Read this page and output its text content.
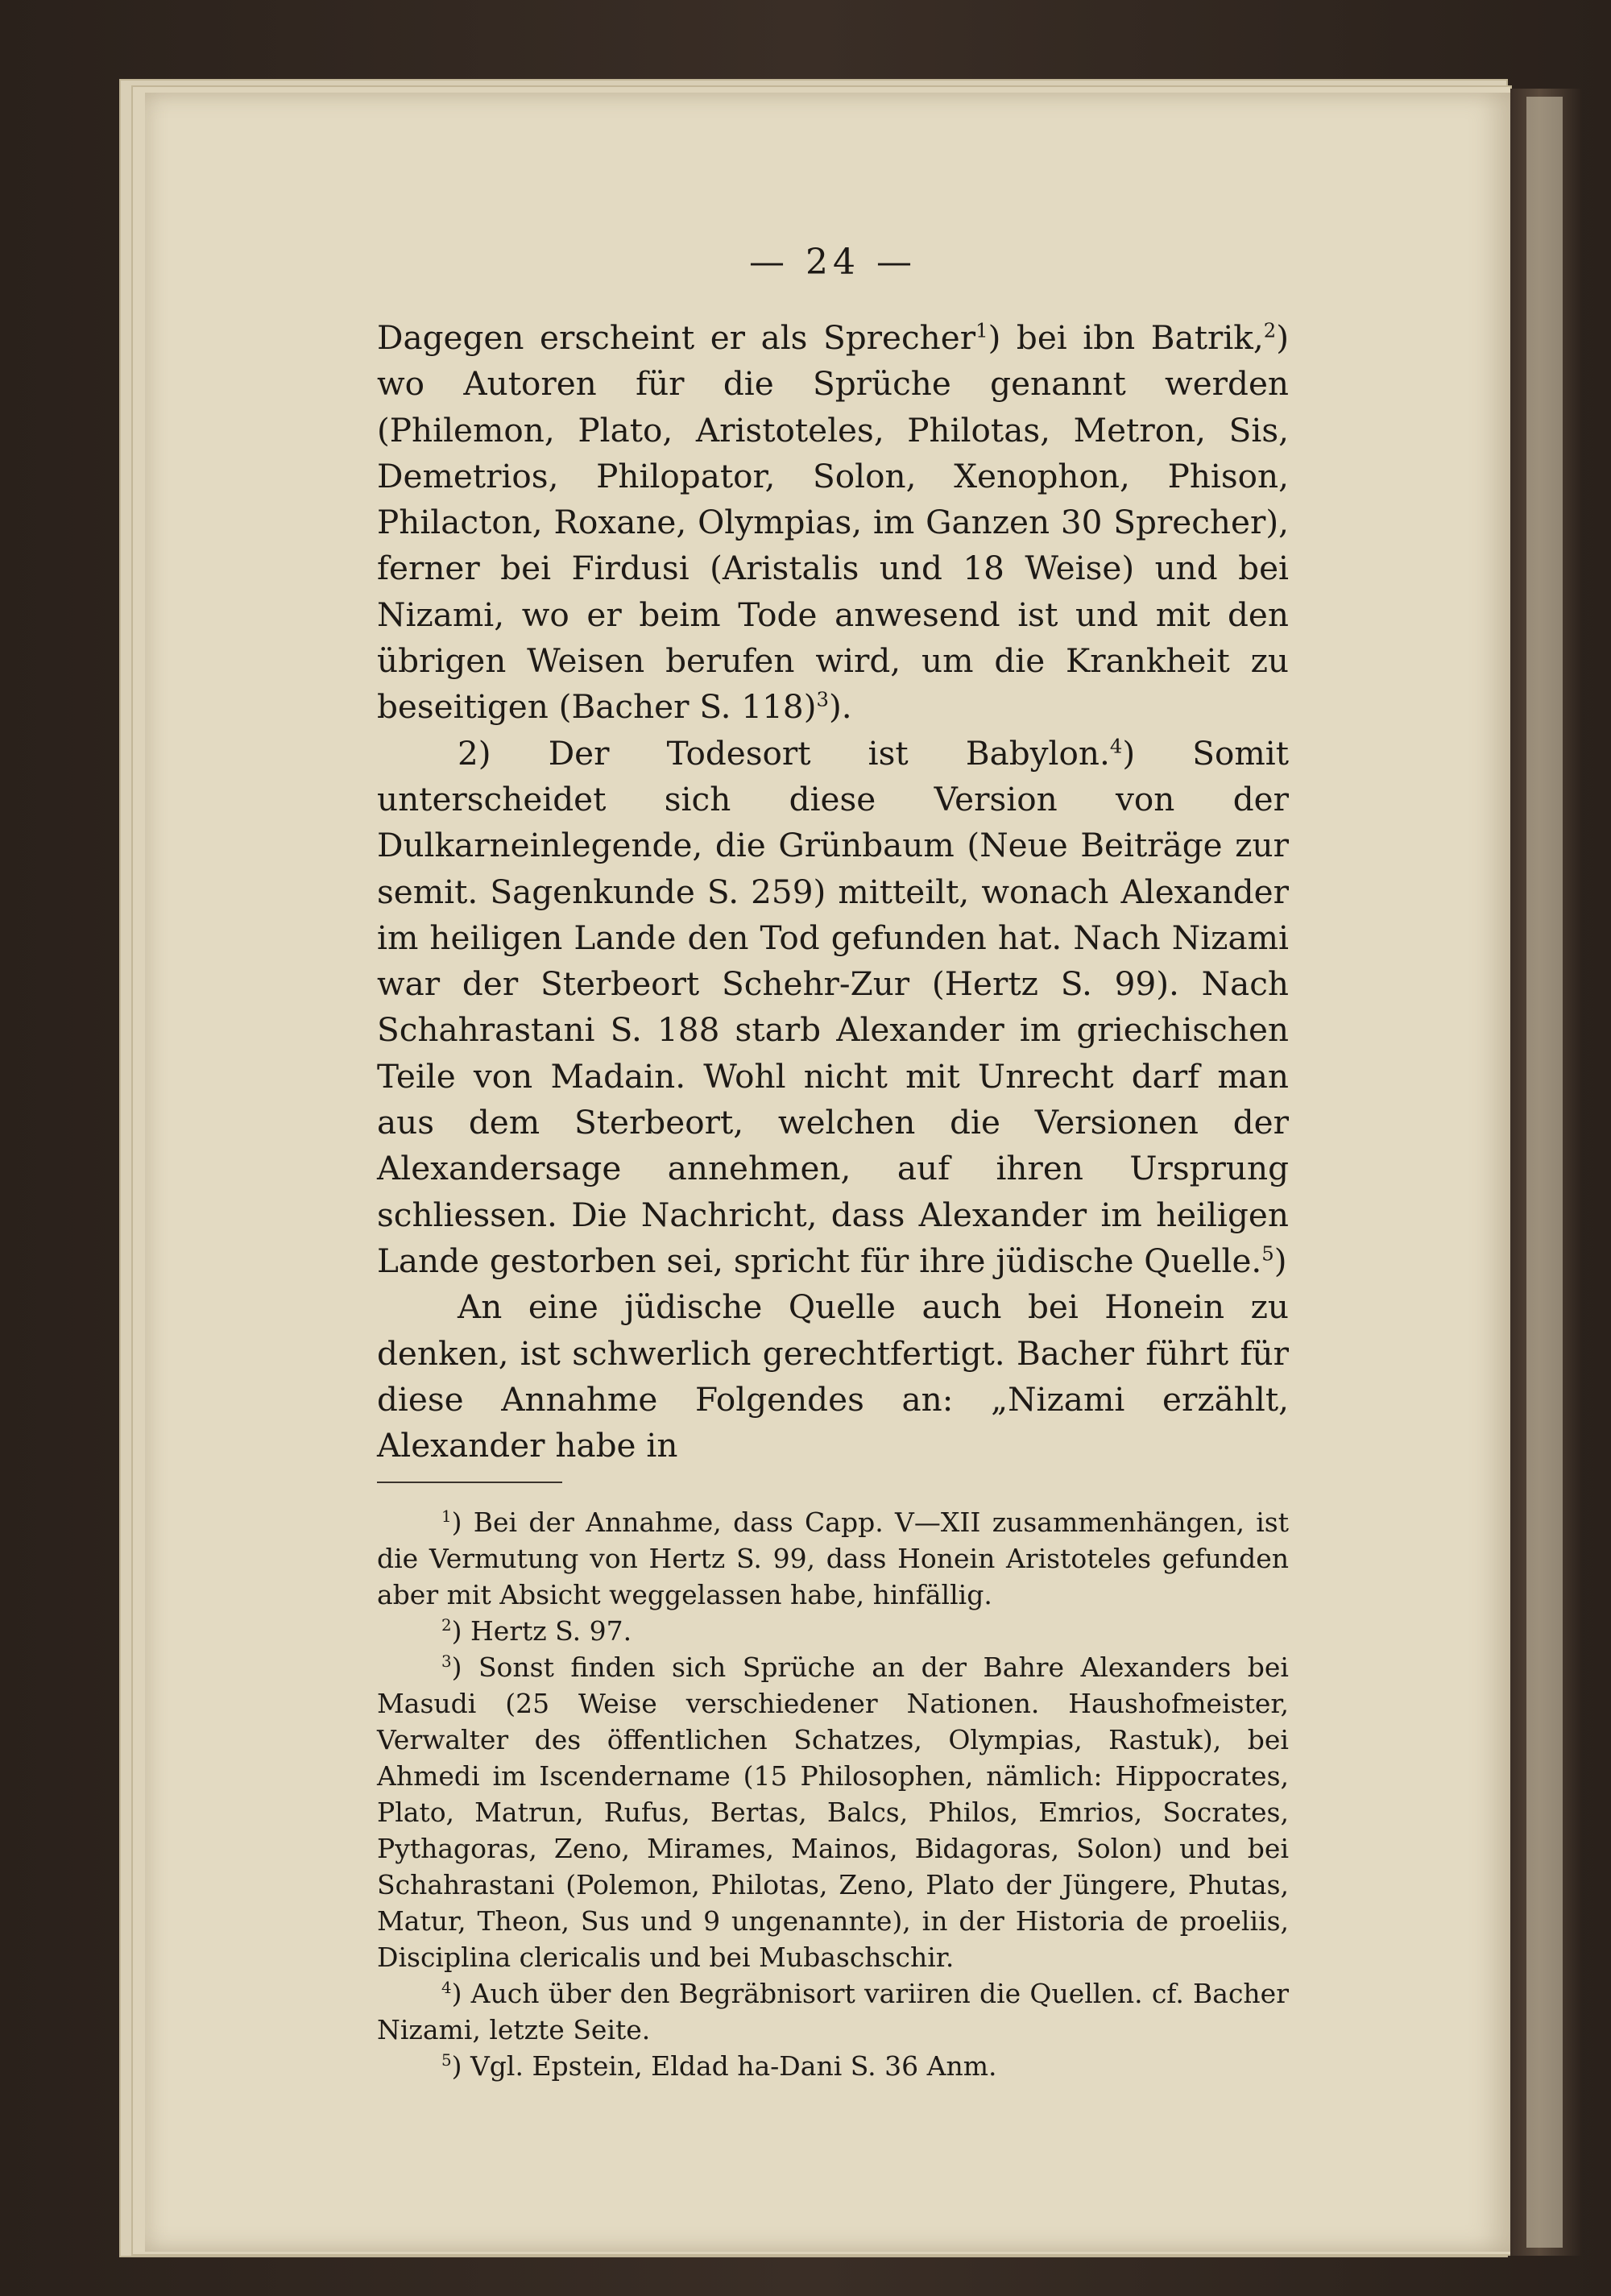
— 24 —

Dagegen erscheint er als Sprecher$^1$) bei ibn Batrik,$^2$) wo Autoren für die Sprüche genannt werden (Philemon, Plato, Aristoteles, Philotas, Metron, Sis, Demetrios, Philopator, Solon, Xenophon, Phison, Philacton, Roxane, Olympias, im Ganzen 30 Sprecher), ferner bei Firdusi (Aristalis und 18 Weise) und bei Nizami, wo er beim Tode anwesend ist und mit den übrigen Weisen berufen wird, um die Krankheit zu beseitigen (Bacher S. 118)$^3$).

2) Der Todesort ist Babylon.$^4$) Somit unterscheidet sich diese Version von der Dulkarneinlegende, die Grünbaum (Neue Beiträge zur semit. Sagenkunde S. 259) mitteilt, wonach Alexander im heiligen Lande den Tod gefunden hat. Nach Nizami war der Sterbeort Schehr-Zur (Hertz S. 99). Nach Schahrastani S. 188 starb Alexander im griechischen Teile von Madain. Wohl nicht mit Unrecht darf man aus dem Sterbeort, welchen die Versionen der Alexandersage annehmen, auf ihren Ursprung schliessen. Die Nachricht, dass Alexander im heiligen Lande gestorben sei, spricht für ihre jüdische Quelle.$^5$)

An eine jüdische Quelle auch bei Honein zu denken, ist schwerlich gerechtfertigt. Bacher führt für diese Annahme Folgendes an: „Nizami erzählt, Alexander habe in

$^1$) Bei der Annahme, dass Capp. V—XII zusammenhängen, ist die Vermutung von Hertz S. 99, dass Honein Aristoteles gefunden aber mit Absicht weggelassen habe, hinfällig.

$^2$) Hertz S. 97.

$^3$) Sonst finden sich Sprüche an der Bahre Alexanders bei Masudi (25 Weise verschiedener Nationen. Haushofmeister, Verwalter des öffentlichen Schatzes, Olympias, Rastuk), bei Ahmedi im Iscendername (15 Philosophen, nämlich: Hippocrates, Plato, Matrun, Rufus, Bertas, Balcs, Philos, Emrios, Socrates, Pythagoras, Zeno, Mirames, Mainos, Bidagoras, Solon) und bei Schahrastani (Polemon, Philotas, Zeno, Plato der Jüngere, Phutas, Matur, Theon, Sus und 9 ungenannte), in der Historia de proeliis, Disciplina clericalis und bei Mubaschschir.

$^4$) Auch über den Begräbnisort variiren die Quellen. cf. Bacher Nizami, letzte Seite.

$^5$) Vgl. Epstein, Eldad ha-Dani S. 36 Anm.
